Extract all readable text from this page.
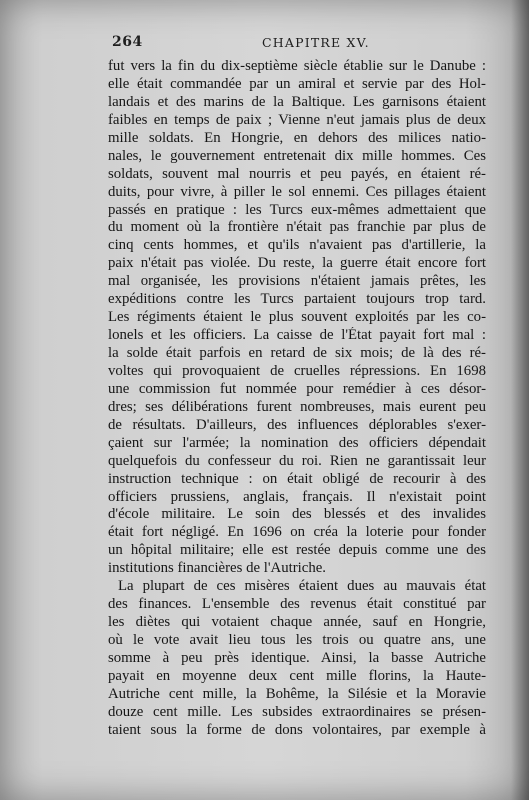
264	CHAPITRE XV.
fut vers la fin du dix-septième siècle établie sur le Danube :
elle était commandée par un amiral et servie par des Hol-
landais et des marins de la Baltique. Les garnisons étaient
faibles en temps de paix ; Vienne n'eut jamais plus de deux
mille soldats. En Hongrie, en dehors des milices natio-
nales, le gouvernement entretenait dix mille hommes. Ces
soldats, souvent mal nourris et peu payés, en étaient ré-
duits, pour vivre, à piller le sol ennemi. Ces pillages étaient
passés en pratique : les Turcs eux-mêmes admettaient que
du moment où la frontière n'était pas franchie par plus de
cinq cents hommes, et qu'ils n'avaient pas d'artillerie, la
paix n'était pas violée. Du reste, la guerre était encore fort
mal organisée, les provisions n'étaient jamais prêtes, les
expéditions contre les Turcs partaient toujours trop tard.
Les régiments étaient le plus souvent exploités par les co-
lonels et les officiers. La caisse de l'État payait fort mal :
la solde était parfois en retard de six mois; de là des ré-
voltes qui provoquaient de cruelles répressions. En 1698
une commission fut nommée pour remédier à ces désor-
dres; ses délibérations furent nombreuses, mais eurent peu
de résultats. D'ailleurs, des influences déplorables s'exer-
çaient sur l'armée; la nomination des officiers dépendait
quelquefois du confesseur du roi. Rien ne garantissait leur
instruction technique : on était obligé de recourir à des
officiers prussiens, anglais, français. Il n'existait point
d'école militaire. Le soin des blessés et des invalides
était fort négligé. En 1696 on créa la loterie pour fonder
un hôpital militaire; elle est restée depuis comme une des
institutions financières de l'Autriche.
La plupart de ces misères étaient dues au mauvais état
des finances. L'ensemble des revenus était constitué par
les diètes qui votaient chaque année, sauf en Hongrie,
où le vote avait lieu tous les trois ou quatre ans, une
somme à peu près identique. Ainsi, la basse Autriche
payait en moyenne deux cent mille florins, la Haute-
Autriche cent mille, la Bohême, la Silésie et la Moravie
douze cent mille. Les subsides extraordinaires se présen-
taient sous la forme de dons volontaires, par exemple à
